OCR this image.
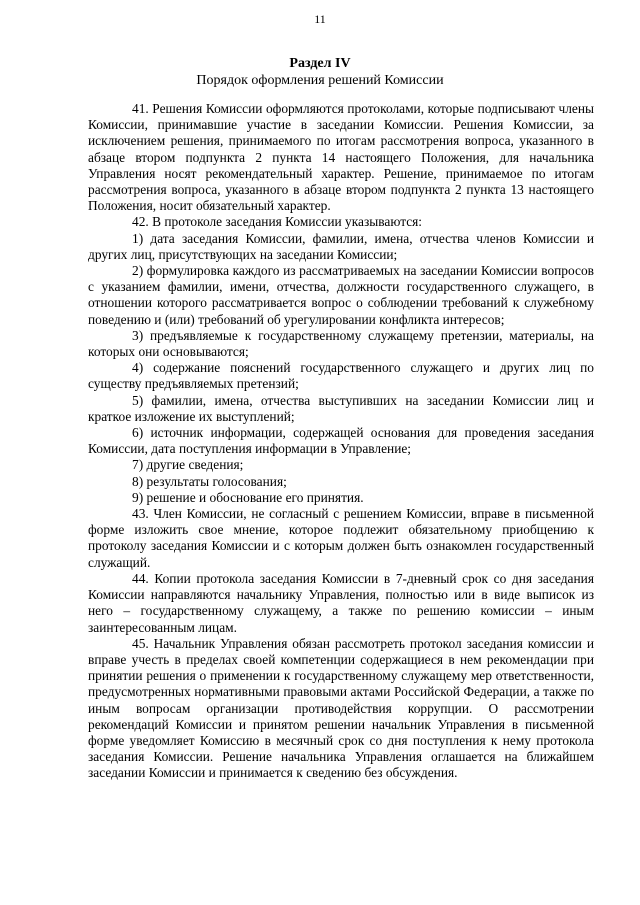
11
Раздел IV
Порядок оформления решений Комиссии

41. Решения Комиссии оформляются протоколами, которые подписывают члены Комиссии, принимавшие участие в заседании Комиссии. Решения Комиссии, за исключением решения, принимаемого по итогам рассмотрения вопроса, указанного в абзаце втором подпункта 2 пункта 14 настоящего Положения, для начальника Управления носят рекомендательный характер. Решение, принимаемое по итогам рассмотрения вопроса, указанного в абзаце втором подпункта 2 пункта 13 настоящего Положения, носит обязательный характер.

42. В протоколе заседания Комиссии указываются:

1) дата заседания Комиссии, фамилии, имена, отчества членов Комиссии и других лиц, присутствующих на заседании Комиссии;

2) формулировка каждого из рассматриваемых на заседании Комиссии вопросов с указанием фамилии, имени, отчества, должности государственного служащего, в отношении которого рассматривается вопрос о соблюдении требований к служебному поведению и (или) требований об урегулировании конфликта интересов;

3) предъявляемые к государственному служащему претензии, материалы, на которых они основываются;

4) содержание пояснений государственного служащего и других лиц по существу предъявляемых претензий;

5) фамилии, имена, отчества выступивших на заседании Комиссии лиц и краткое изложение их выступлений;

6) источник информации, содержащей основания для проведения заседания Комиссии, дата поступления информации в Управление;

7) другие сведения;

8) результаты голосования;

9) решение и обоснование его принятия.

43. Член Комиссии, не согласный с решением Комиссии, вправе в письменной форме изложить свое мнение, которое подлежит обязательному приобщению к протоколу заседания Комиссии и с которым должен быть ознакомлен государственный служащий.

44. Копии протокола заседания Комиссии в 7-дневный срок со дня заседания Комиссии направляются начальнику Управления, полностью или в виде выписок из него – государственному служащему, а также по решению комиссии – иным заинтересованным лицам.

45. Начальник Управления обязан рассмотреть протокол заседания комиссии и вправе учесть в пределах своей компетенции содержащиеся в нем рекомендации при принятии решения о применении к государственному служащему мер ответственности, предусмотренных нормативными правовыми актами Российской Федерации, а также по иным вопросам организации противодействия коррупции. О рассмотрении рекомендаций Комиссии и принятом решении начальник Управления в письменной форме уведомляет Комиссию в месячный срок со дня поступления к нему протокола заседания Комиссии. Решение начальника Управления оглашается на ближайшем заседании Комиссии и принимается к сведению без обсуждения.
